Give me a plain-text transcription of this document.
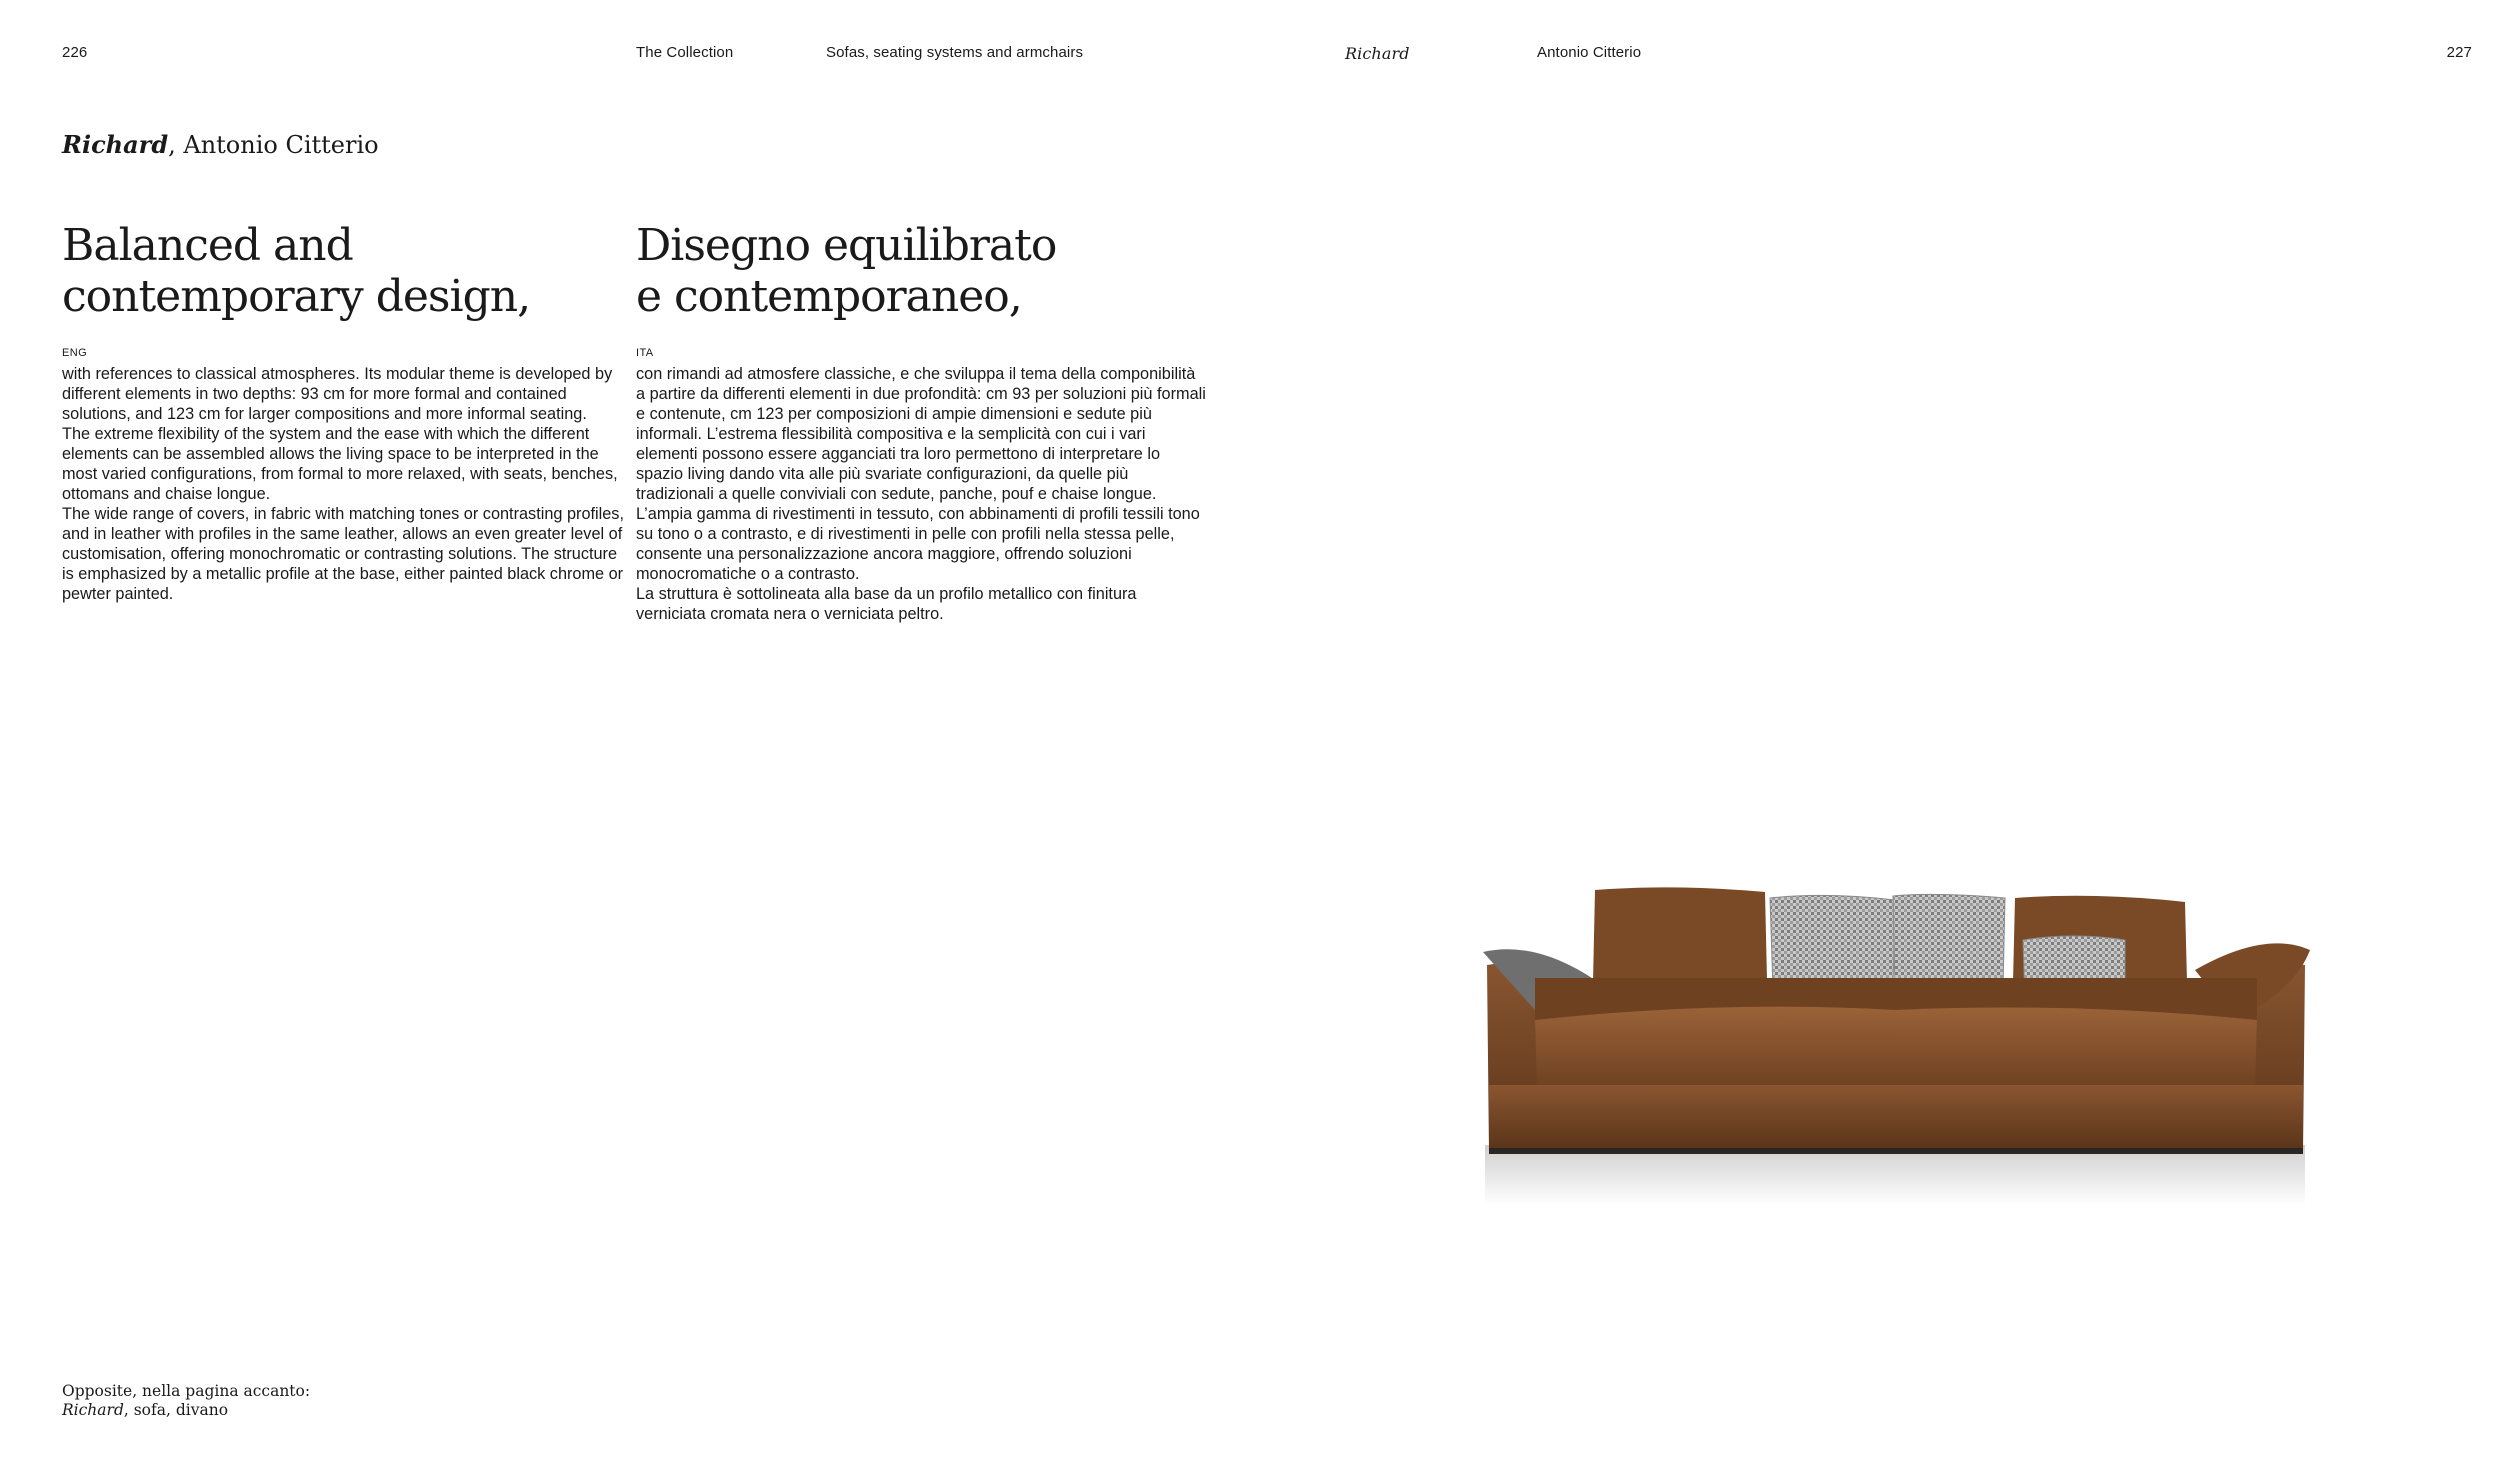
226	The Collection	Sofas, seating systems and armchairs	Richard	Antonio Citterio	227
Richard, Antonio Citterio
Balanced and
contemporary design,
ENG

with references to classical atmospheres. Its modular theme is developed by different elements in two depths: 93 cm for more formal and contained solutions, and 123 cm for larger compositions and more informal seating.

The extreme flexibility of the system and the ease with which the different elements can be assembled allows the living space to be interpreted in the most varied configurations, from formal to more relaxed, with seats, benches, ottomans and chaise longue.

The wide range of covers, in fabric with matching tones or contrasting profiles, and in leather with profiles in the same leather, allows an even greater level of customisation, offering monochromatic or contrasting solutions. The structure is emphasized by a metallic profile at the base, either painted black chrome or pewter painted.

Disegno equilibrato
e contemporaneo,
ITA

con rimandi ad atmosfere classiche, e che sviluppa il tema della componibilità a partire da differenti elementi in due profondità: cm 93 per soluzioni più formali e contenute, cm 123 per composizioni di ampie dimensioni e sedute più informali. L’estrema flessibilità compositiva e la semplicità con cui i vari elementi possono essere agganciati tra loro permettono di interpretare lo spazio living dando vita alle più svariate configurazioni, da quelle più tradizionali a quelle conviviali con sedute, panche, pouf e chaise longue. L’ampia gamma di rivestimenti in tessuto, con abbinamenti di profili tessili tono su tono o a contrasto, e di rivestimenti in pelle con profili nella stessa pelle, consente una personalizzazione ancora maggiore, offrendo soluzioni monocromatiche o a contrasto.

La struttura è sottolineata alla base da un profilo metallico con finitura verniciata cromata nera o verniciata peltro.

Opposite, nella pagina accanto:
Richard, sofa, divano
